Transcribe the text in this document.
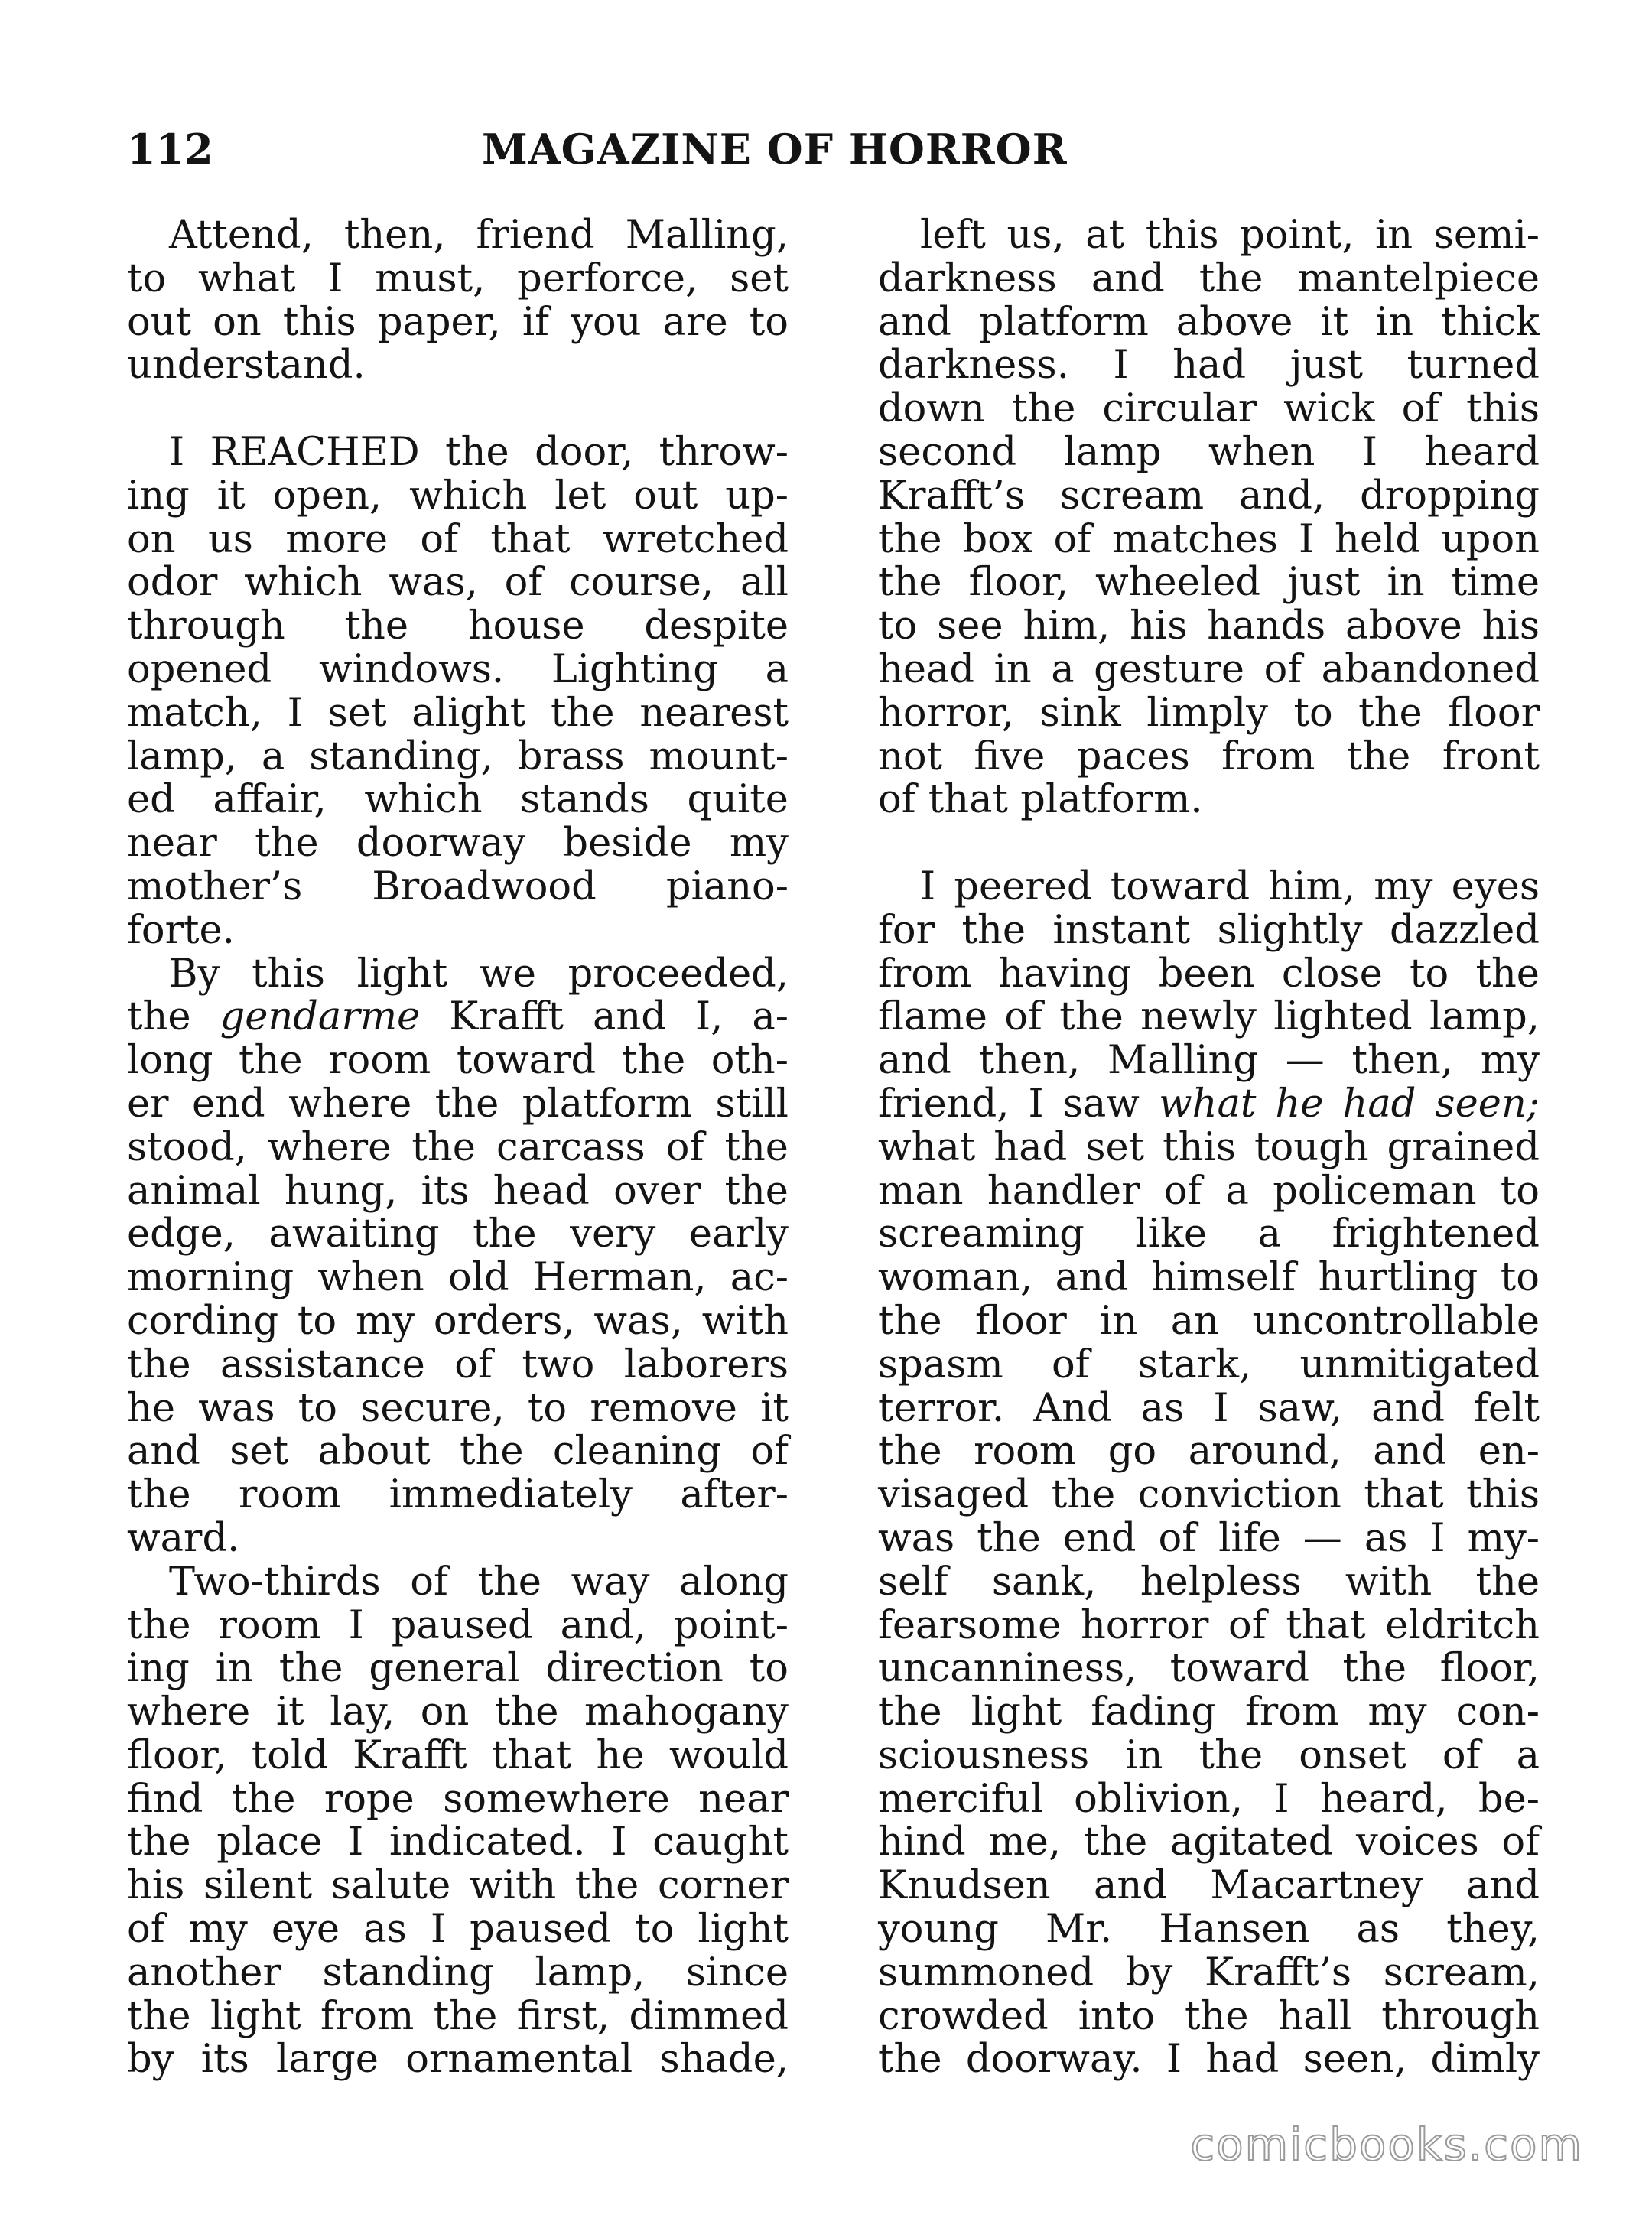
112	MAGAZINE OF HORROR
Attend, then, friend Malling,
to what I must, perforce, set
out on this paper, if you are to
understand.
I REACHED the door, throw-
ing it open, which let out up-
on us more of that wretched
odor which was, of course, all
through the house despite
opened windows. Lighting a
match, I set alight the nearest
lamp, a standing, brass mount-
ed affair, which stands quite
near the doorway beside my
mother’s Broadwood piano-
forte.
By this light we proceeded,
the gendarme Krafft and I, a-
long the room toward the oth-
er end where the platform still
stood, where the carcass of the
animal hung, its head over the
edge, awaiting the very early
morning when old Herman, ac-
cording to my orders, was, with
the assistance of two laborers
he was to secure, to remove it
and set about the cleaning of
the room immediately after-
ward.
Two-thirds of the way along
the room I paused and, point-
ing in the general direction to
where it lay, on the mahogany
floor, told Krafft that he would
find the rope somewhere near
the place I indicated. I caught
his silent salute with the corner
of my eye as I paused to light
another standing lamp, since
the light from the first, dimmed
by its large ornamental shade,
left us, at this point, in semi-
darkness and the mantelpiece
and platform above it in thick
darkness. I had just turned
down the circular wick of this
second lamp when I heard
Krafft’s scream and, dropping
the box of matches I held upon
the floor, wheeled just in time
to see him, his hands above his
head in a gesture of abandoned
horror, sink limply to the floor
not five paces from the front
of that platform.
I peered toward him, my eyes
for the instant slightly dazzled
from having been close to the
flame of the newly lighted lamp,
and then, Malling — then, my
friend, I saw what he had seen;
what had set this tough grained
man handler of a policeman to
screaming like a frightened
woman, and himself hurtling to
the floor in an uncontrollable
spasm of stark, unmitigated
terror. And as I saw, and felt
the room go around, and en-
visaged the conviction that this
was the end of life — as I my-
self sank, helpless with the
fearsome horror of that eldritch
uncanniness, toward the floor,
the light fading from my con-
sciousness in the onset of a
merciful oblivion, I heard, be-
hind me, the agitated voices of
Knudsen and Macartney and
young Mr. Hansen as they,
summoned by Krafft’s scream,
crowded into the hall through
the doorway. I had seen, dimly
comicbooks.com
